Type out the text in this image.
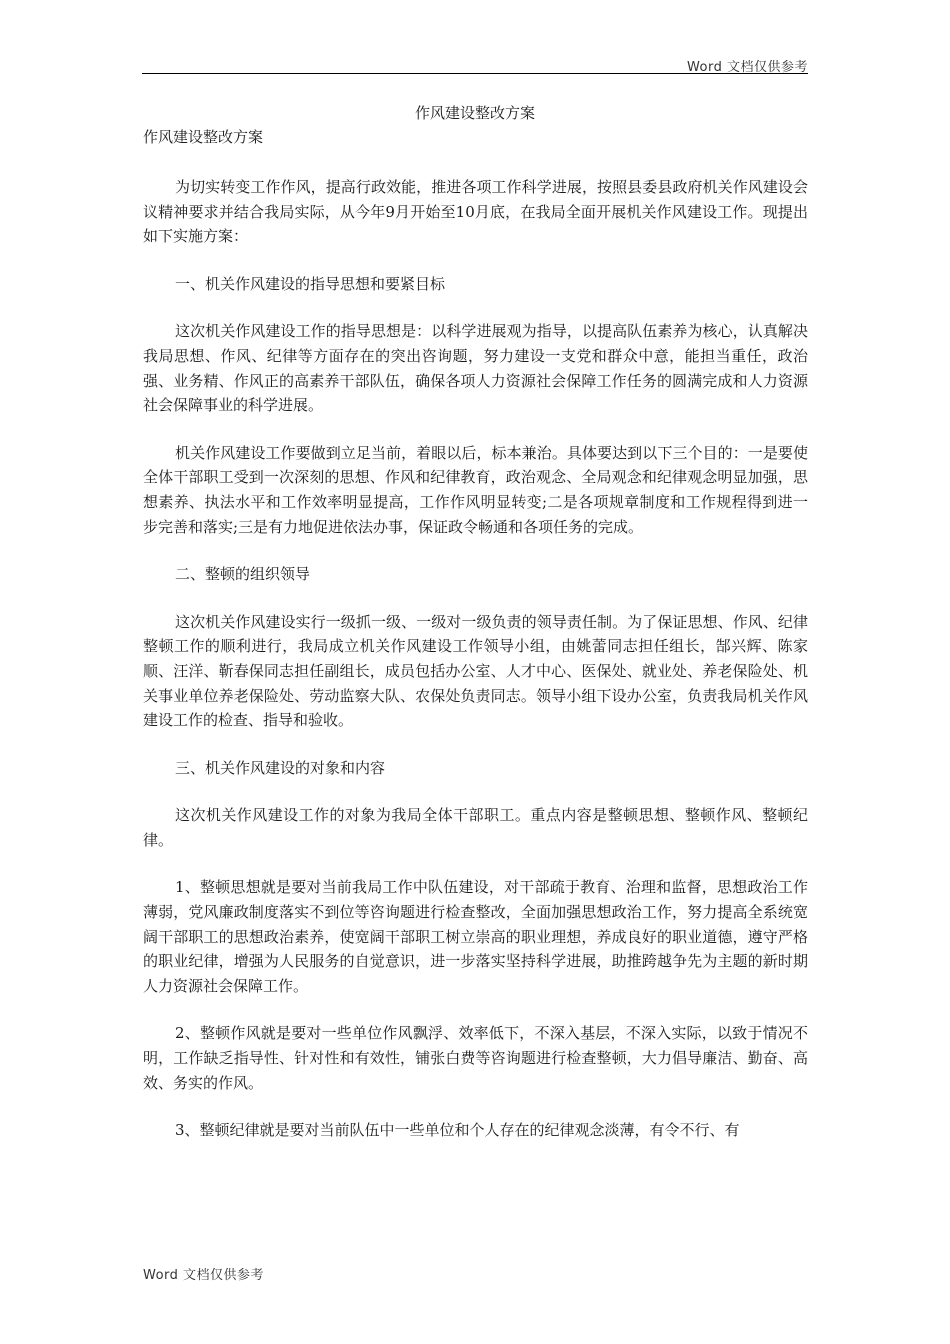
Word 文档仅供参考
作风建设整改方案

作风建设整改方案

为切实转变工作作风，提高行政效能，推进各项工作科学进展，按照县委县政府机关作风建设会议精神要求并结合我局实际，从今年9月开始至10月底，在我局全面开展机关作风建设工作。现提出如下实施方案：

一、机关作风建设的指导思想和要紧目标

这次机关作风建设工作的指导思想是：以科学进展观为指导，以提高队伍素养为核心，认真解决我局思想、作风、纪律等方面存在的突出咨询题，努力建设一支党和群众中意，能担当重任，政治强、业务精、作风正的高素养干部队伍，确保各项人力资源社会保障工作任务的圆满完成和人力资源社会保障事业的科学进展。

机关作风建设工作要做到立足当前，着眼以后，标本兼治。具体要达到以下三个目的：一是要使全体干部职工受到一次深刻的思想、作风和纪律教育，政治观念、全局观念和纪律观念明显加强，思想素养、执法水平和工作效率明显提高，工作作风明显转变;二是各项规章制度和工作规程得到进一步完善和落实;三是有力地促进依法办事，保证政令畅通和各项任务的完成。

二、整顿的组织领导

这次机关作风建设实行一级抓一级、一级对一级负责的领导责任制。为了保证思想、作风、纪律整顿工作的顺利进行，我局成立机关作风建设工作领导小组，由姚蕾同志担任组长，郜兴辉、陈家顺、汪洋、靳春保同志担任副组长，成员包括办公室、人才中心、医保处、就业处、养老保险处、机关事业单位养老保险处、劳动监察大队、农保处负责同志。领导小组下设办公室，负责我局机关作风建设工作的检查、指导和验收。

三、机关作风建设的对象和内容

这次机关作风建设工作的对象为我局全体干部职工。重点内容是整顿思想、整顿作风、整顿纪律。

1、整顿思想就是要对当前我局工作中队伍建设，对干部疏于教育、治理和监督，思想政治工作薄弱，党风廉政制度落实不到位等咨询题进行检查整改，全面加强思想政治工作，努力提高全系统宽阔干部职工的思想政治素养，使宽阔干部职工树立崇高的职业理想，养成良好的职业道德，遵守严格的职业纪律，增强为人民服务的自觉意识，进一步落实坚持科学进展，助推跨越争先为主题的新时期人力资源社会保障工作。

2、整顿作风就是要对一些单位作风飘浮、效率低下，不深入基层，不深入实际，以致于情况不明，工作缺乏指导性、针对性和有效性，铺张白费等咨询题进行检查整顿，大力倡导廉洁、勤奋、高效、务实的作风。

3、整顿纪律就是要对当前队伍中一些单位和个人存在的纪律观念淡薄，有令不行、有

Word 文档仅供参考
